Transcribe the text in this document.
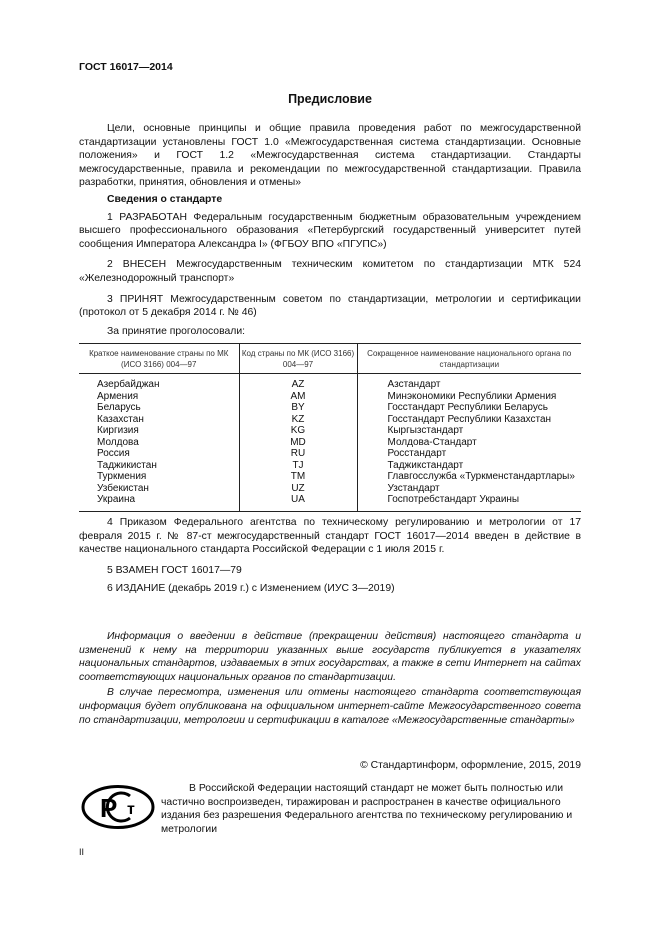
ГОСТ 16017—2014
Предисловие

Цели, основные принципы и общие правила проведения работ по межгосударственной стандартизации установлены ГОСТ 1.0 «Межгосударственная система стандартизации. Основные положения» и ГОСТ 1.2 «Межгосударственная система стандартизации. Стандарты межгосударственные, правила и рекомендации по межгосударственной стандартизации. Правила разработки, принятия, обновления и отмены»

Сведения о стандарте

1 РАЗРАБОТАН Федеральным государственным бюджетным образовательным учреждением высшего профессионального образования «Петербургский государственный университет путей сообщения Императора Александра I» (ФГБОУ ВПО «ПГУПС»)

2 ВНЕСЕН Межгосударственным техническим комитетом по стандартизации МТК 524 «Железнодорожный транспорт»

3 ПРИНЯТ Межгосударственным советом по стандартизации, метрологии и сертификации (протокол от 5 декабря 2014 г. № 46)

За принятие проголосовали:

Краткое наименование страны по МК (ИСО 3166) 004—97	Код страны по МК (ИСО 3166) 004—97	Сокращенное наименование национального органа по стандартизации
Азербайджан	AZ	Азстандарт
Армения	AM	Минэкономики Республики Армения
Беларусь	BY	Госстандарт Республики Беларусь
Казахстан	KZ	Госстандарт Республики Казахстан
Киргизия	KG	Кыргызстандарт
Молдова	MD	Молдова-Стандарт
Россия	RU	Росстандарт
Таджикистан	TJ	Таджикстандарт
Туркмения	TM	Главгосслужба «Туркменстандартлары»
Узбекистан	UZ	Узстандарт
Украина	UA	Госпотребстандарт Украины

4 Приказом Федерального агентства по техническому регулированию и метрологии от 17 февраля 2015 г. № 87-ст межгосударственный стандарт ГОСТ 16017—2014 введен в действие в качестве национального стандарта Российской Федерации с 1 июля 2015 г.

5 ВЗАМЕН ГОСТ 16017—79

6 ИЗДАНИЕ (декабрь 2019 г.) с Изменением (ИУС 3—2019)

Информация о введении в действие (прекращении действия) настоящего стандарта и изменений к нему на территории указанных выше государств публикуется в указателях национальных стандартов, издаваемых в этих государствах, а также в сети Интернет на сайтах соответствующих национальных органов по стандартизации.

В случае пересмотра, изменения или отмены настоящего стандарта соответствующая информация будет опубликована на официальном интернет-сайте Межгосударственного совета по стандартизации, метрологии и сертификации в каталоге «Межгосударственные стандарты»

© Стандартинформ, оформление, 2015, 2019
Р т

В Российской Федерации настоящий стандарт не может быть полностью или частично воспроизведен, тиражирован и распространен в качестве официального издания без разрешения Федерального агентства по техническому регулированию и метрологии

II
